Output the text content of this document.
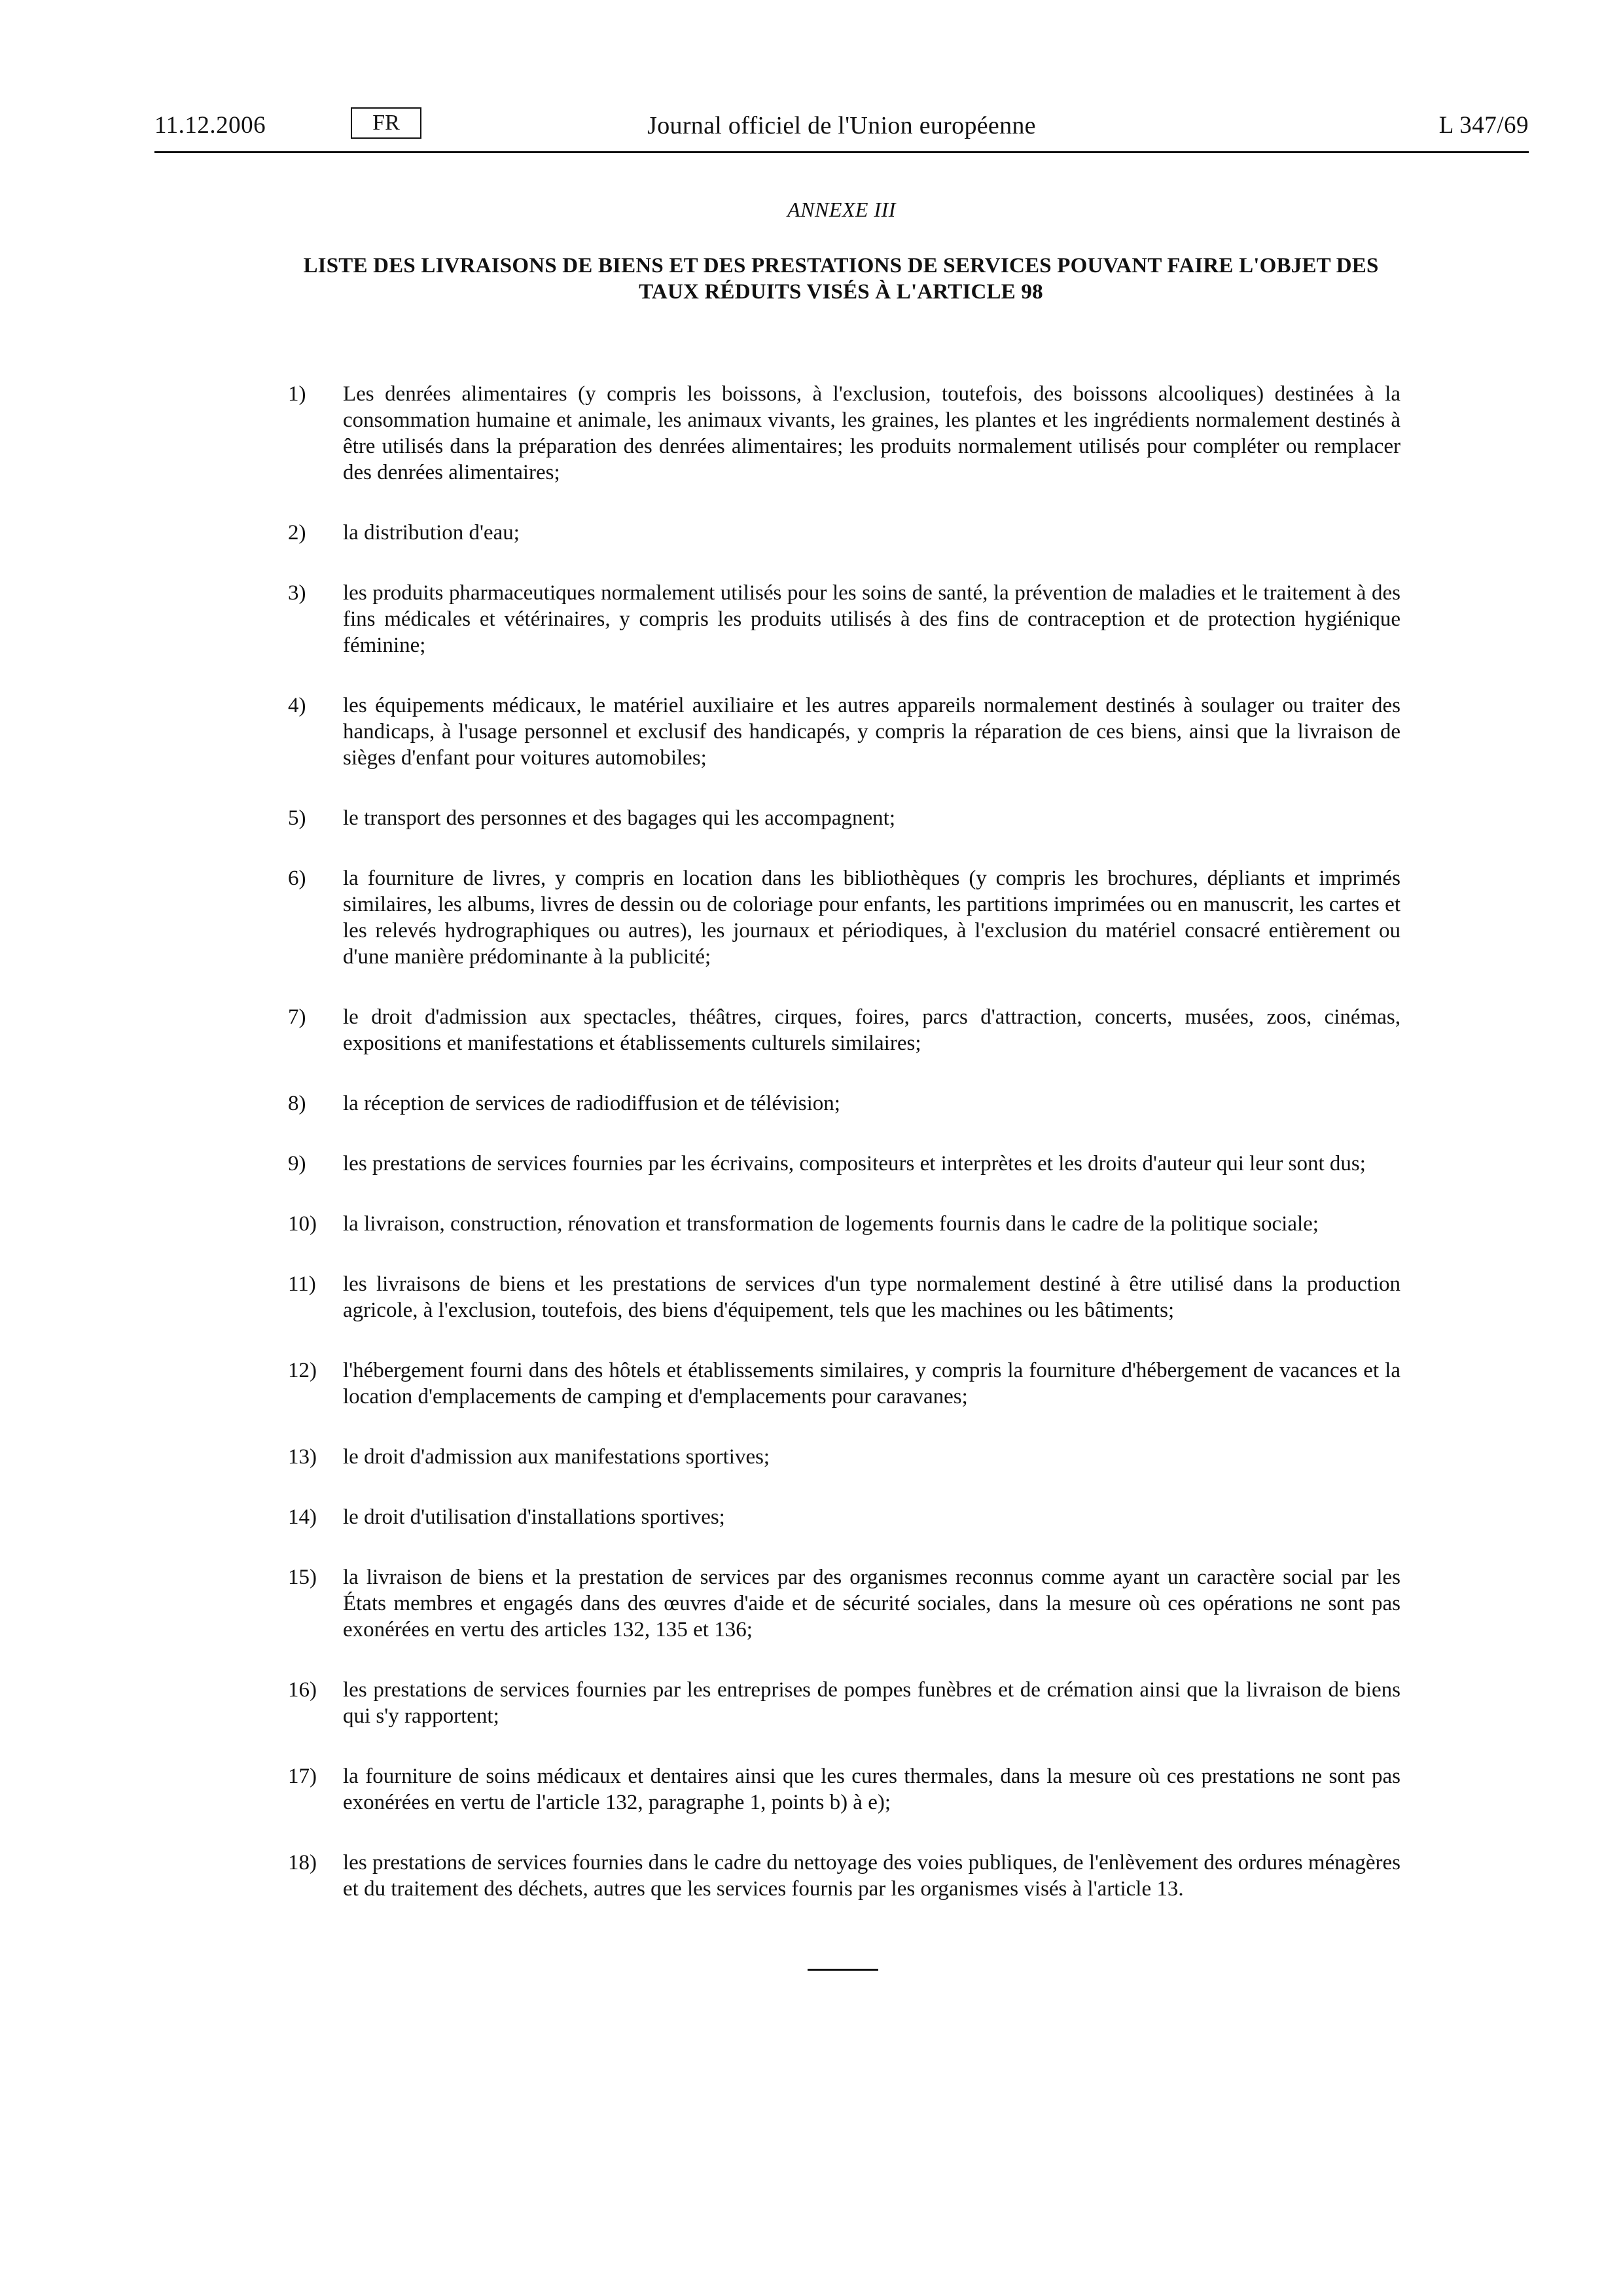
Journal officiel de l'Union européenne
11.12.2006	FR	L 347/69
ANNEXE III
LISTE DES LIVRAISONS DE BIENS ET DES PRESTATIONS DE SERVICES POUVANT FAIRE L'OBJET DES TAUX RÉDUITS VISÉS À L'ARTICLE 98
1)	Les denrées alimentaires (y compris les boissons, à l'exclusion, toutefois, des boissons alcooliques) destinées à la consommation humaine et animale, les animaux vivants, les graines, les plantes et les ingrédients normalement destinés à être utilisés dans la préparation des denrées alimentaires; les produits normalement utilisés pour compléter ou remplacer des denrées alimentaires;
2)	la distribution d'eau;
3)	les produits pharmaceutiques normalement utilisés pour les soins de santé, la prévention de maladies et le traitement à des fins médicales et vétérinaires, y compris les produits utilisés à des fins de contraception et de protection hygiénique féminine;
4)	les équipements médicaux, le matériel auxiliaire et les autres appareils normalement destinés à soulager ou traiter des handicaps, à l'usage personnel et exclusif des handicapés, y compris la réparation de ces biens, ainsi que la livraison de sièges d'enfant pour voitures automobiles;
5)	le transport des personnes et des bagages qui les accompagnent;
6)	la fourniture de livres, y compris en location dans les bibliothèques (y compris les brochures, dépliants et imprimés similaires, les albums, livres de dessin ou de coloriage pour enfants, les partitions imprimées ou en manuscrit, les cartes et les relevés hydrographiques ou autres), les journaux et périodiques, à l'exclusion du matériel consacré entièrement ou d'une manière prédominante à la publicité;
7)	le droit d'admission aux spectacles, théâtres, cirques, foires, parcs d'attraction, concerts, musées, zoos, cinémas, expositions et manifestations et établissements culturels similaires;
8)	la réception de services de radiodiffusion et de télévision;
9)	les prestations de services fournies par les écrivains, compositeurs et interprètes et les droits d'auteur qui leur sont dus;
10)	la livraison, construction, rénovation et transformation de logements fournis dans le cadre de la politique sociale;
11)	les livraisons de biens et les prestations de services d'un type normalement destiné à être utilisé dans la production agricole, à l'exclusion, toutefois, des biens d'équipement, tels que les machines ou les bâtiments;
12)	l'hébergement fourni dans des hôtels et établissements similaires, y compris la fourniture d'hébergement de vacances et la location d'emplacements de camping et d'emplacements pour caravanes;
13)	le droit d'admission aux manifestations sportives;
14)	le droit d'utilisation d'installations sportives;
15)	la livraison de biens et la prestation de services par des organismes reconnus comme ayant un caractère social par les États membres et engagés dans des œuvres d'aide et de sécurité sociales, dans la mesure où ces opérations ne sont pas exonérées en vertu des articles 132, 135 et 136;
16)	les prestations de services fournies par les entreprises de pompes funèbres et de crémation ainsi que la livraison de biens qui s'y rapportent;
17)	la fourniture de soins médicaux et dentaires ainsi que les cures thermales, dans la mesure où ces prestations ne sont pas exonérées en vertu de l'article 132, paragraphe 1, points b) à e);
18)	les prestations de services fournies dans le cadre du nettoyage des voies publiques, de l'enlèvement des ordures ménagères et du traitement des déchets, autres que les services fournis par les organismes visés à l'article 13.
